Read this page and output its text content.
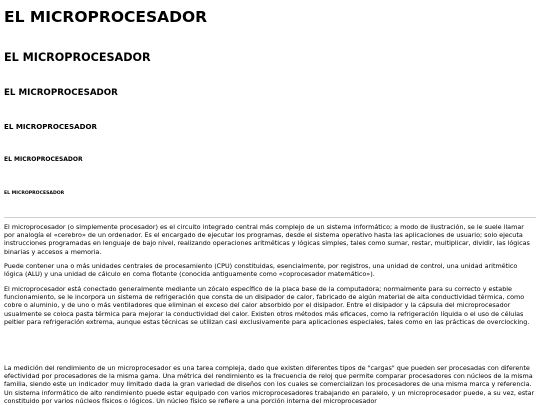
EL MICROPROCESADOR
EL MICROPROCESADOR
EL MICROPROCESADOR
EL MICROPROCESADOR
EL MICROPROCESADOR
EL MICROPROCESADOR

El microprocesador (o simplemente procesador) es el circuito integrado central más complejo de un sistema informático; a modo de ilustración, se le suele llamar por analogía el «cerebro» de un ordenador. Es el encargado de ejecutar los programas, desde el sistema operativo hasta las aplicaciones de usuario; solo ejecuta instrucciones programadas en lenguaje de bajo nivel, realizando operaciones aritméticas y lógicas simples, tales como sumar, restar, multiplicar, dividir, las lógicas binarias y accesos a memoria.

Puede contener una o más unidades centrales de procesamiento (CPU) constituidas, esencialmente, por registros, una unidad de control, una unidad aritmético lógica (ALU) y una unidad de cálculo en coma flotante (conocida antiguamente como «coprocesador matemático»).

El microprocesador está conectado generalmente mediante un zócalo específico de la placa base de la computadora; normalmente para su correcto y estable funcionamiento, se le incorpora un sistema de refrigeración que consta de un disipador de calor, fabricado de algún material de alta conductividad térmica, como cobre o aluminio, y de uno o más ventiladores que eliminan el exceso del calor absorbido por el disipador. Entre el disipador y la cápsula del microprocesador usualmente se coloca pasta térmica para mejorar la conductividad del calor. Existen otros métodos más eficaces, como la refrigeración líquida o el uso de células peltier para refrigeración extrema, aunque estas técnicas se utilizan casi exclusivamente para aplicaciones especiales, tales como en las prácticas de overclocking.

La medición del rendimiento de un microprocesador es una tarea compleja, dado que existen diferentes tipos de "cargas" que pueden ser procesadas con diferente efectividad por procesadores de la misma gama. Una métrica del rendimiento es la frecuencia de reloj que permite comparar procesadores con núcleos de la misma familia, siendo este un indicador muy limitado dada la gran variedad de diseños con los cuales se comercializan los procesadores de una misma marca y referencia. Un sistema informático de alto rendimiento puede estar equipado con varios microprocesadores trabajando en paralelo, y un microprocesador puede, a su vez, estar constituido por varios núcleos físicos o lógicos. Un núcleo físico se refiere a una porción interna del microprocesador
